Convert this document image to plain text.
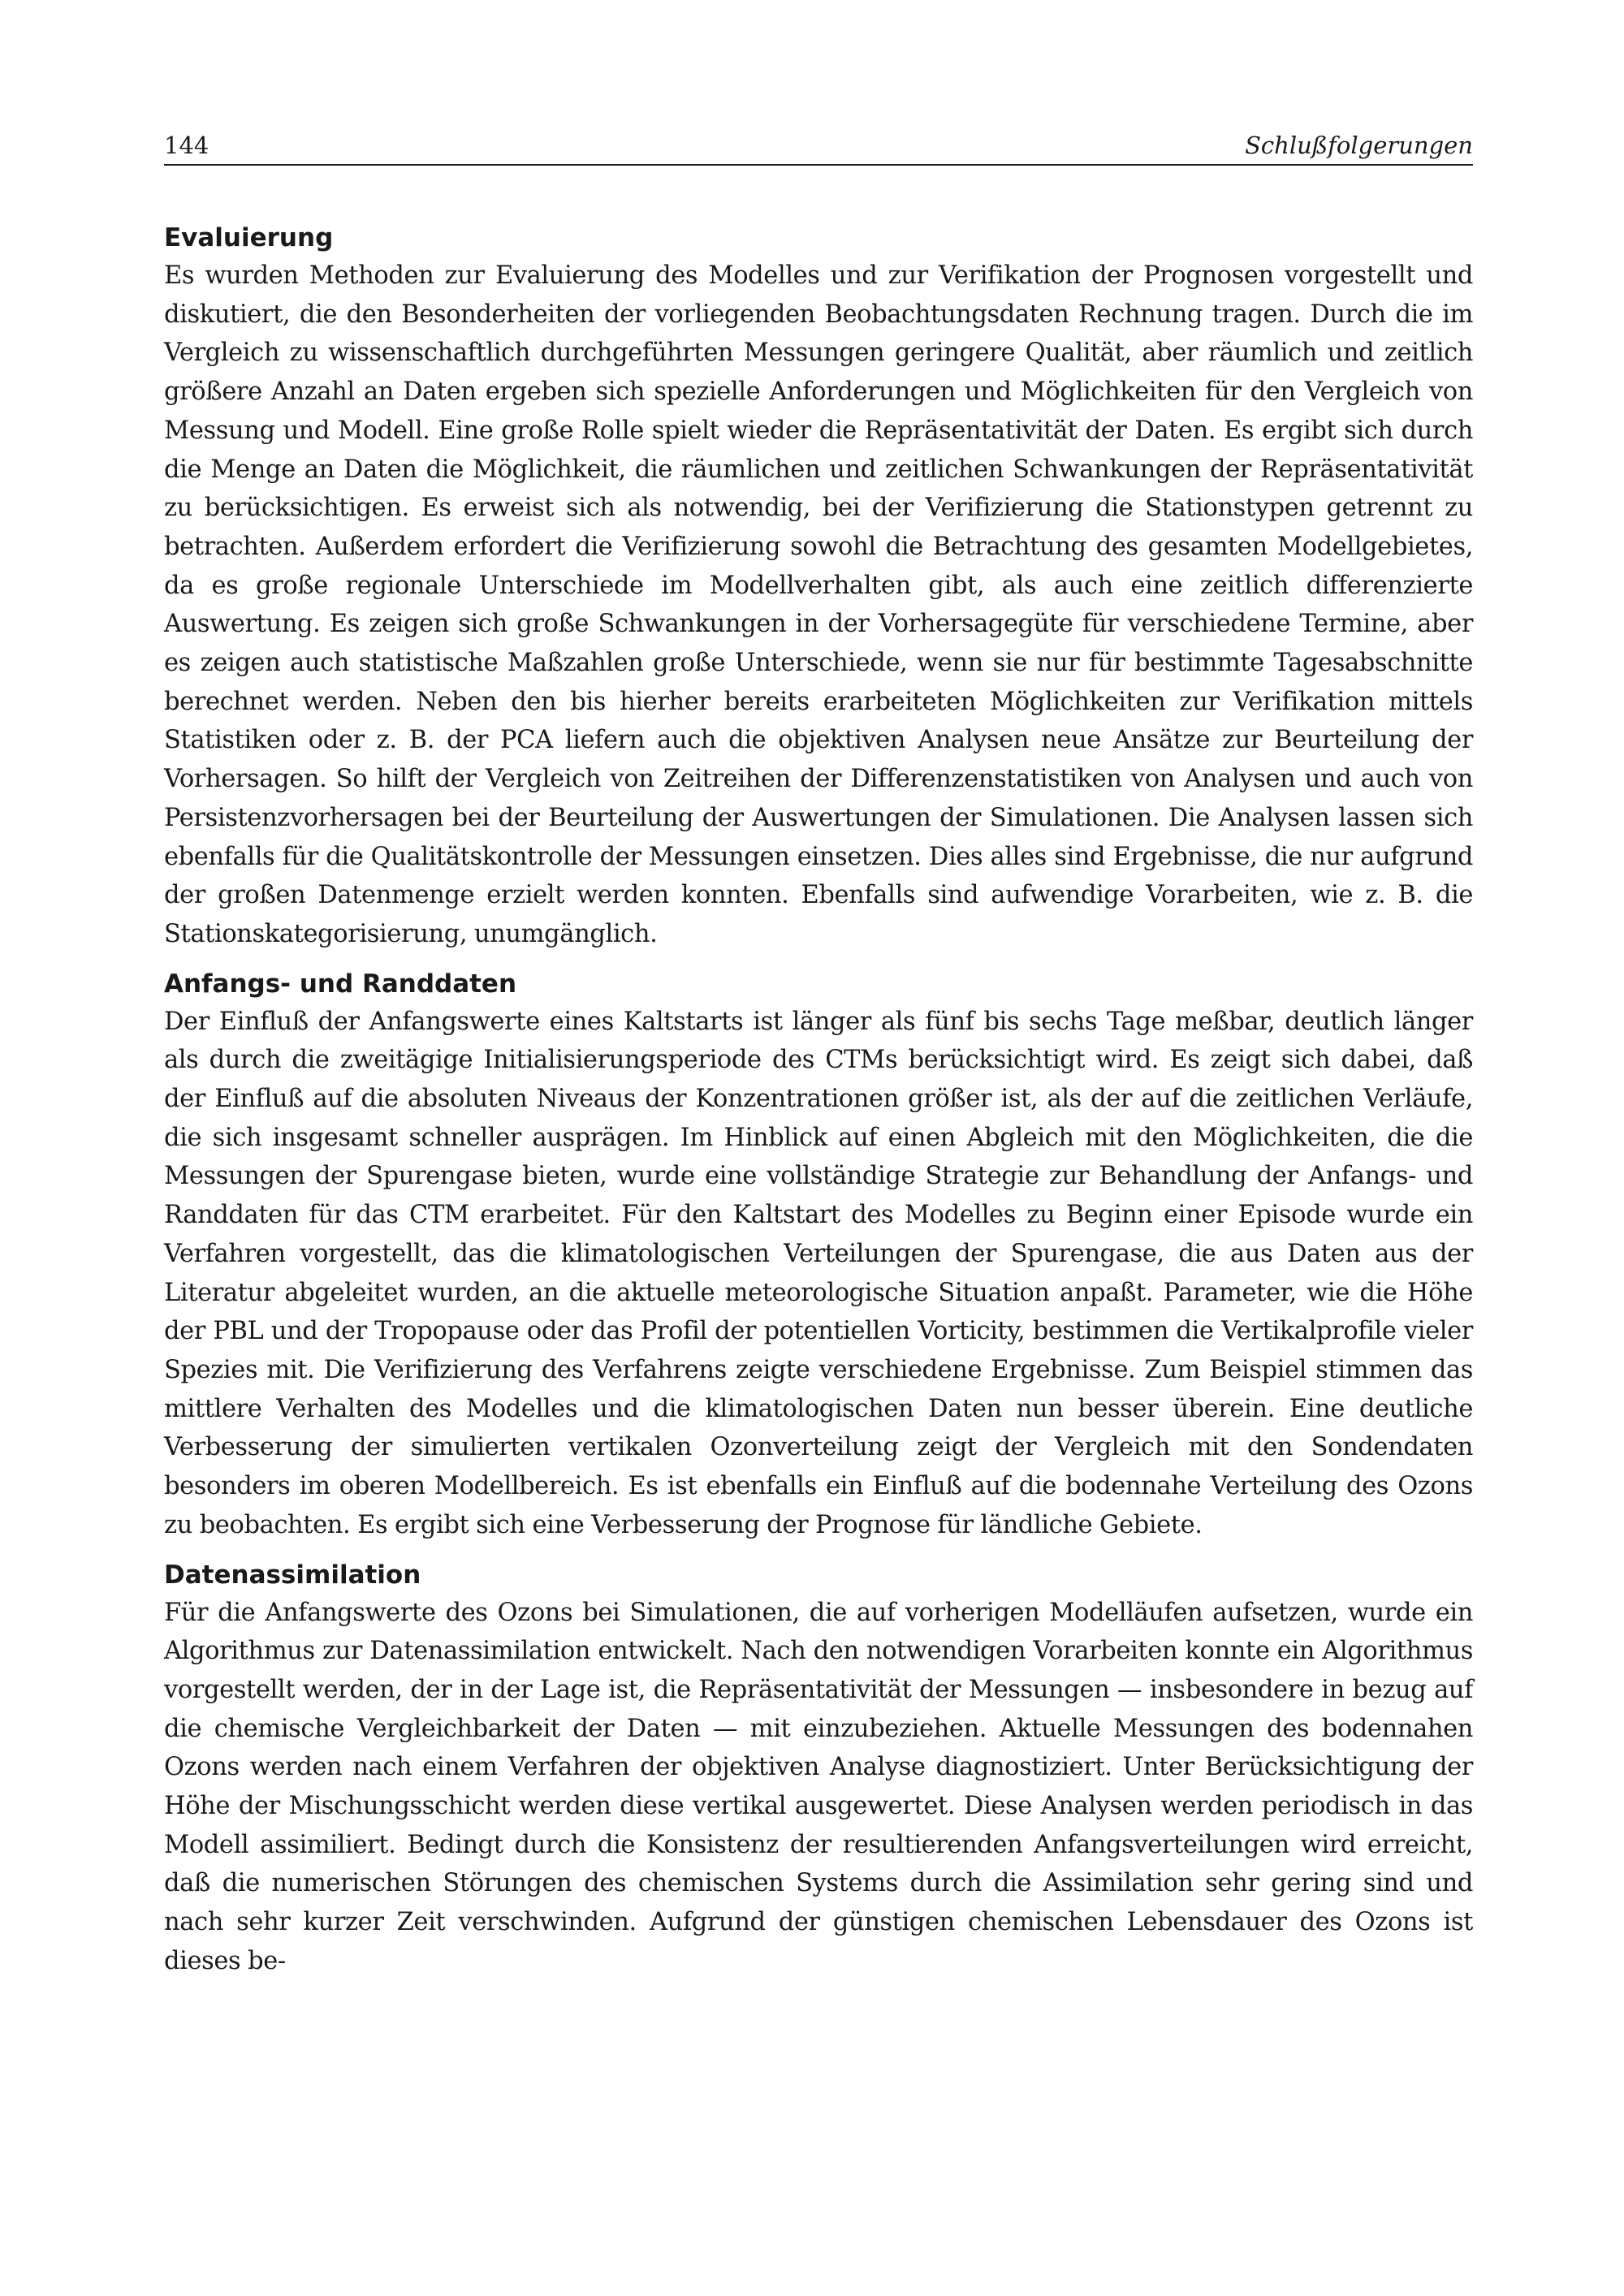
144	Schlußfolgerungen
Evaluierung

Es wurden Methoden zur Evaluierung des Modelles und zur Verifikation der Prognosen vorgestellt und diskutiert, die den Besonderheiten der vorliegenden Beobachtungsdaten Rechnung tragen. Durch die im Vergleich zu wissenschaftlich durchgeführten Messungen geringere Qualität, aber räumlich und zeitlich größere Anzahl an Daten ergeben sich spezielle Anforderungen und Möglichkeiten für den Vergleich von Messung und Modell. Eine große Rolle spielt wieder die Repräsentativität der Daten. Es ergibt sich durch die Menge an Daten die Möglichkeit, die räumlichen und zeitlichen Schwankungen der Repräsentativität zu berücksichtigen. Es erweist sich als notwendig, bei der Verifizierung die Stationstypen getrennt zu betrachten. Außerdem erfordert die Verifizierung sowohl die Betrachtung des gesamten Modellgebietes, da es große regionale Unterschiede im Modellverhalten gibt, als auch eine zeitlich differenzierte Auswertung. Es zeigen sich große Schwankungen in der Vorhersagegüte für verschiedene Termine, aber es zeigen auch statistische Maßzahlen große Unterschiede, wenn sie nur für bestimmte Tagesabschnitte berechnet werden. Neben den bis hierher bereits erarbeiteten Möglichkeiten zur Verifikation mittels Statistiken oder z. B. der PCA liefern auch die objektiven Analysen neue Ansätze zur Beurteilung der Vorhersagen. So hilft der Vergleich von Zeitreihen der Differenzenstatistiken von Analysen und auch von Persistenzvorhersagen bei der Beurteilung der Auswertungen der Simulationen. Die Analysen lassen sich ebenfalls für die Qualitätskontrolle der Messungen einsetzen. Dies alles sind Ergebnisse, die nur aufgrund der großen Datenmenge erzielt werden konnten. Ebenfalls sind aufwendige Vorarbeiten, wie z. B. die Stationskategorisierung, unumgänglich.

Anfangs- und Randdaten

Der Einfluß der Anfangswerte eines Kaltstarts ist länger als fünf bis sechs Tage meßbar, deutlich länger als durch die zweitägige Initialisierungsperiode des CTMs berücksichtigt wird. Es zeigt sich dabei, daß der Einfluß auf die absoluten Niveaus der Konzentrationen größer ist, als der auf die zeitlichen Verläufe, die sich insgesamt schneller ausprägen. Im Hinblick auf einen Abgleich mit den Möglichkeiten, die die Messungen der Spurengase bieten, wurde eine vollständige Strategie zur Behandlung der Anfangs- und Randdaten für das CTM erarbeitet. Für den Kaltstart des Modelles zu Beginn einer Episode wurde ein Verfahren vorgestellt, das die klimatologischen Verteilungen der Spurengase, die aus Daten aus der Literatur abgeleitet wurden, an die aktuelle meteorologische Situation anpaßt. Parameter, wie die Höhe der PBL und der Tropopause oder das Profil der potentiellen Vorticity, bestimmen die Vertikalprofile vieler Spezies mit. Die Verifizierung des Verfahrens zeigte verschiedene Ergebnisse. Zum Beispiel stimmen das mittlere Verhalten des Modelles und die klimatologischen Daten nun besser überein. Eine deutliche Verbesserung der simulierten vertikalen Ozonverteilung zeigt der Vergleich mit den Sondendaten besonders im oberen Modellbereich. Es ist ebenfalls ein Einfluß auf die bodennahe Verteilung des Ozons zu beobachten. Es ergibt sich eine Verbesserung der Prognose für ländliche Gebiete.

Datenassimilation

Für die Anfangswerte des Ozons bei Simulationen, die auf vorherigen Modelläufen aufsetzen, wurde ein Algorithmus zur Datenassimilation entwickelt. Nach den notwendigen Vorarbeiten konnte ein Algorithmus vorgestellt werden, der in der Lage ist, die Repräsentativität der Messungen — insbesondere in bezug auf die chemische Vergleichbarkeit der Daten — mit einzubeziehen. Aktuelle Messungen des bodennahen Ozons werden nach einem Verfahren der objektiven Analyse diagnostiziert. Unter Berücksichtigung der Höhe der Mischungsschicht werden diese vertikal ausgewertet. Diese Analysen werden periodisch in das Modell assimiliert. Bedingt durch die Konsistenz der resultierenden Anfangsverteilungen wird erreicht, daß die numerischen Störungen des chemischen Systems durch die Assimilation sehr gering sind und nach sehr kurzer Zeit verschwinden. Aufgrund der günstigen chemischen Lebensdauer des Ozons ist dieses be-
